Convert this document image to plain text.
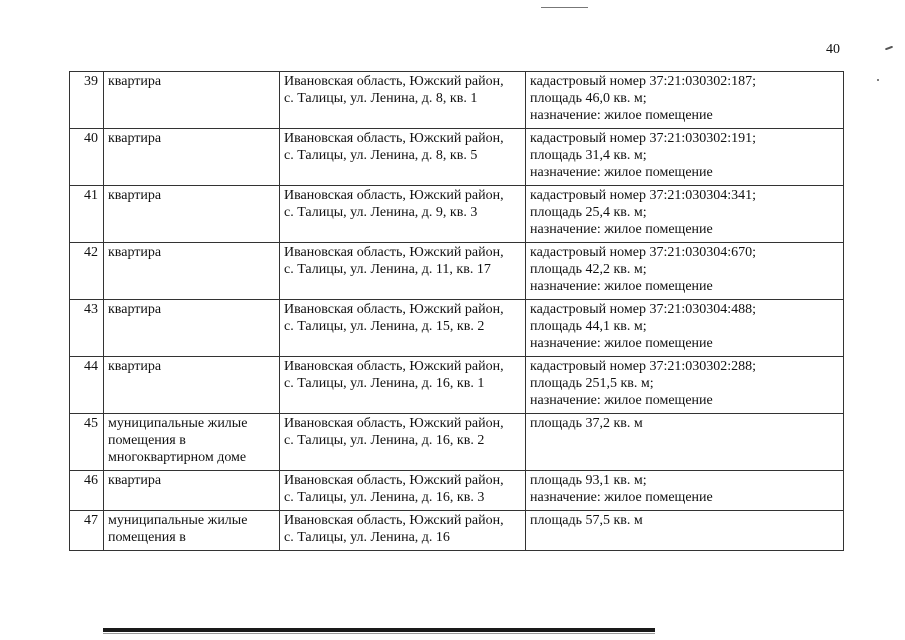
40
39	квартира	Ивановская область, Южский район,
с. Талицы, ул. Ленина, д. 8, кв. 1	кадастровый номер 37:21:030302:187;
площадь 46,0 кв. м;
назначение: жилое помещение
40	квартира	Ивановская область, Южский район,
с. Талицы, ул. Ленина, д. 8, кв. 5	кадастровый номер 37:21:030302:191;
площадь 31,4 кв. м;
назначение: жилое помещение
41	квартира	Ивановская область, Южский район,
с. Талицы, ул. Ленина, д. 9, кв. 3	кадастровый номер 37:21:030304:341;
площадь 25,4 кв. м;
назначение: жилое помещение
42	квартира	Ивановская область, Южский район,
с. Талицы, ул. Ленина, д. 11, кв. 17	кадастровый номер 37:21:030304:670;
площадь 42,2 кв. м;
назначение: жилое помещение
43	квартира	Ивановская область, Южский район,
с. Талицы, ул. Ленина, д. 15, кв. 2	кадастровый номер 37:21:030304:488;
площадь 44,1 кв. м;
назначение: жилое помещение
44	квартира	Ивановская область, Южский район,
с. Талицы, ул. Ленина, д. 16, кв. 1	кадастровый номер 37:21:030302:288;
площадь 251,5 кв. м;
назначение: жилое помещение
45	муниципальные жилые
помещения в
многоквартирном доме	Ивановская область, Южский район,
с. Талицы, ул. Ленина, д. 16, кв. 2	площадь 37,2 кв. м
46	квартира	Ивановская область, Южский район,
с. Талицы, ул. Ленина, д. 16, кв. 3	площадь 93,1 кв. м;
назначение: жилое помещение
47	муниципальные жилые
помещения в	Ивановская область, Южский район,
с. Талицы, ул. Ленина, д. 16	площадь 57,5 кв. м
